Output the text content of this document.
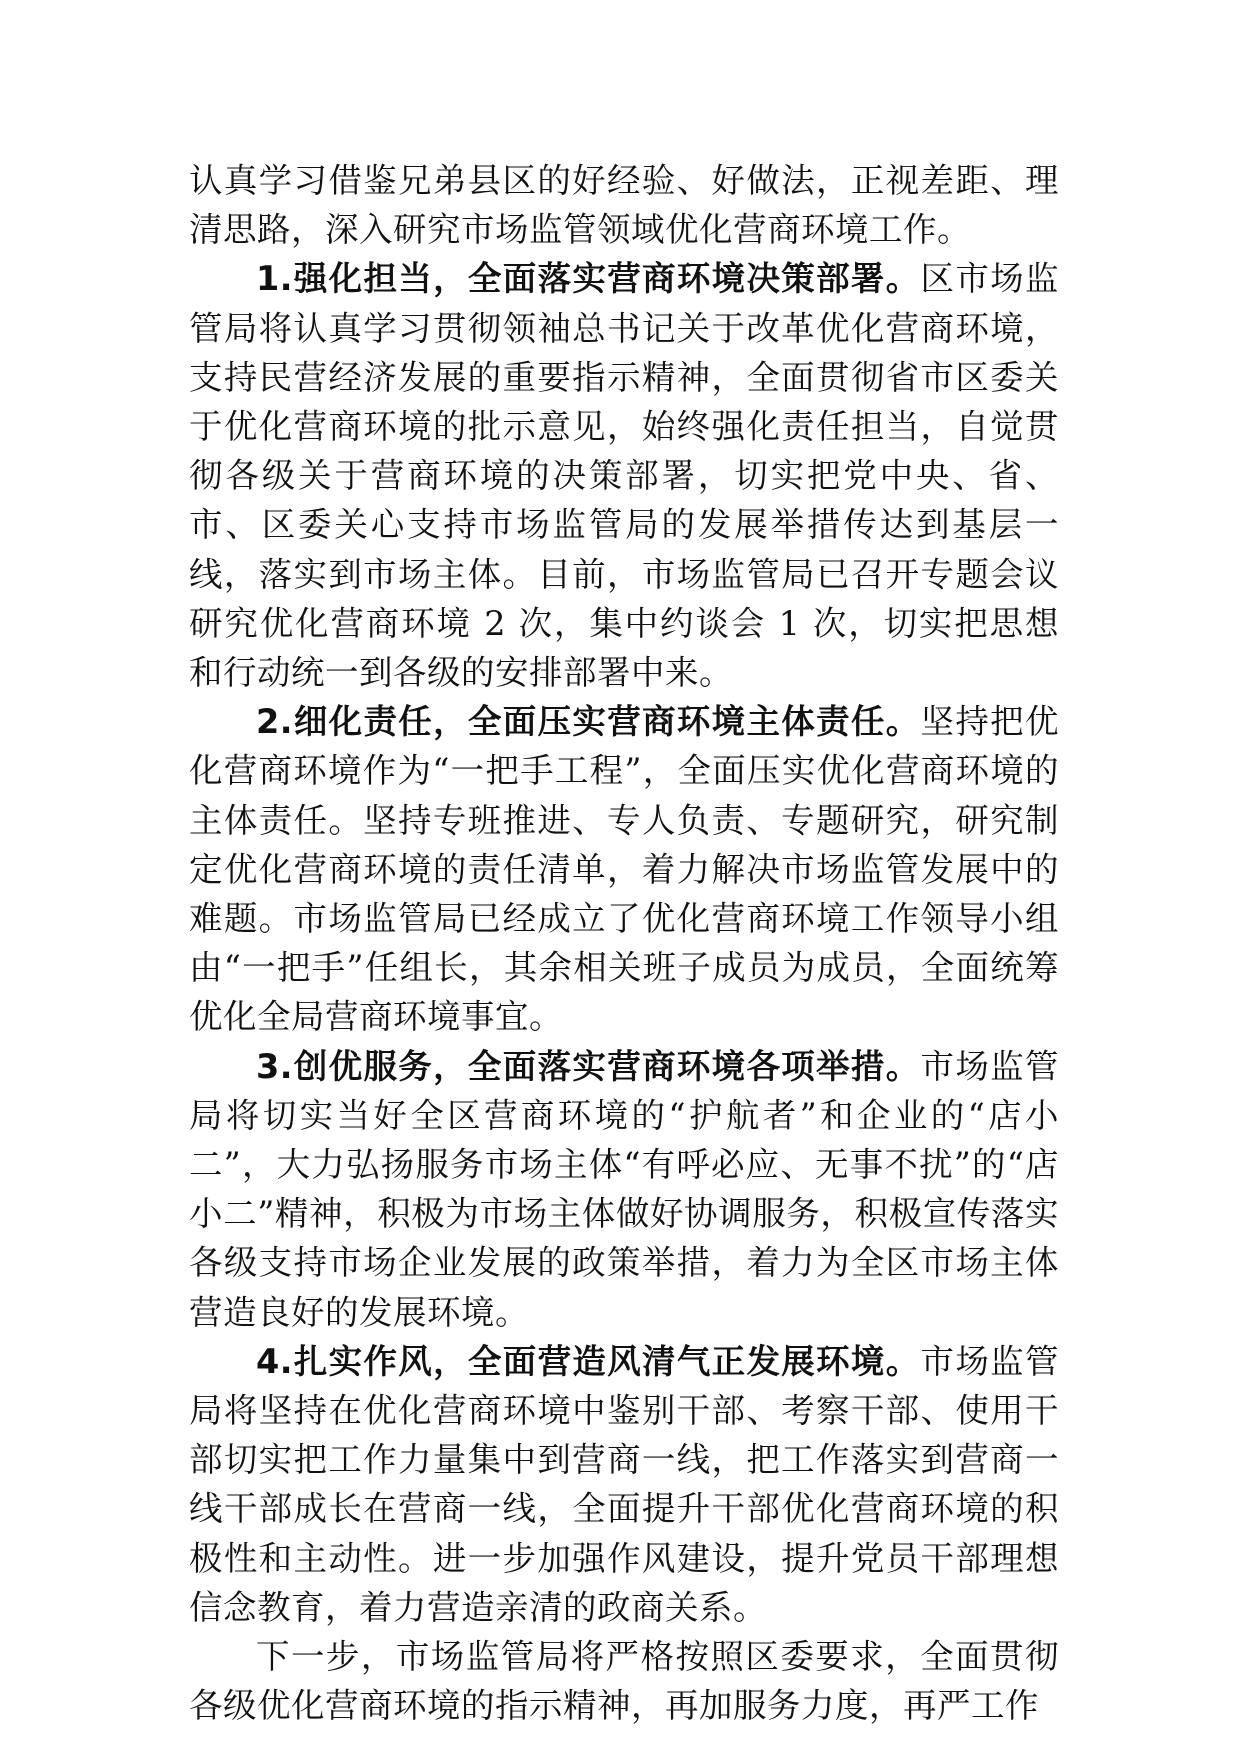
认真学习借鉴兄弟县区的好经验、好做法，正视差距、理清思路，深入研究市场监管领域优化营商环境工作。

1.强化担当，全面落实营商环境决策部署。区市场监管局将认真学习贯彻领袖总书记关于改革优化营商环境，支持民营经济发展的重要指示精神，全面贯彻省市区委关于优化营商环境的批示意见，始终强化责任担当，自觉贯彻各级关于营商环境的决策部署，切实把党中央、省、市、区委关心支持市场监管局的发展举措传达到基层一线，落实到市场主体。目前，市场监管局已召开专题会议研究优化营商环境 2 次，集中约谈会 1 次，切实把思想和行动统一到各级的安排部署中来。

2.细化责任，全面压实营商环境主体责任。坚持把优化营商环境作为“一把手工程”，全面压实优化营商环境的主体责任。坚持专班推进、专人负责、专题研究，研究制定优化营商环境的责任清单，着力解决市场监管发展中的难题。市场监管局已经成立了优化营商环境工作领导小组由“一把手”任组长，其余相关班子成员为成员，全面统筹优化全局营商环境事宜。

3.创优服务，全面落实营商环境各项举措。市场监管局将切实当好全区营商环境的“护航者”和企业的“店小二”，大力弘扬服务市场主体“有呼必应、无事不扰”的“店小二”精神，积极为市场主体做好协调服务，积极宣传落实各级支持市场企业发展的政策举措，着力为全区市场主体营造良好的发展环境。

4.扎实作风，全面营造风清气正发展环境。市场监管局将坚持在优化营商环境中鉴别干部、考察干部、使用干部切实把工作力量集中到营商一线，把工作落实到营商一线干部成长在营商一线，全面提升干部优化营商环境的积极性和主动性。进一步加强作风建设，提升党员干部理想信念教育，着力营造亲清的政商关系。

下一步，市场监管局将严格按照区委要求，全面贯彻各级优化营商环境的指示精神，再加服务力度，再严工作
